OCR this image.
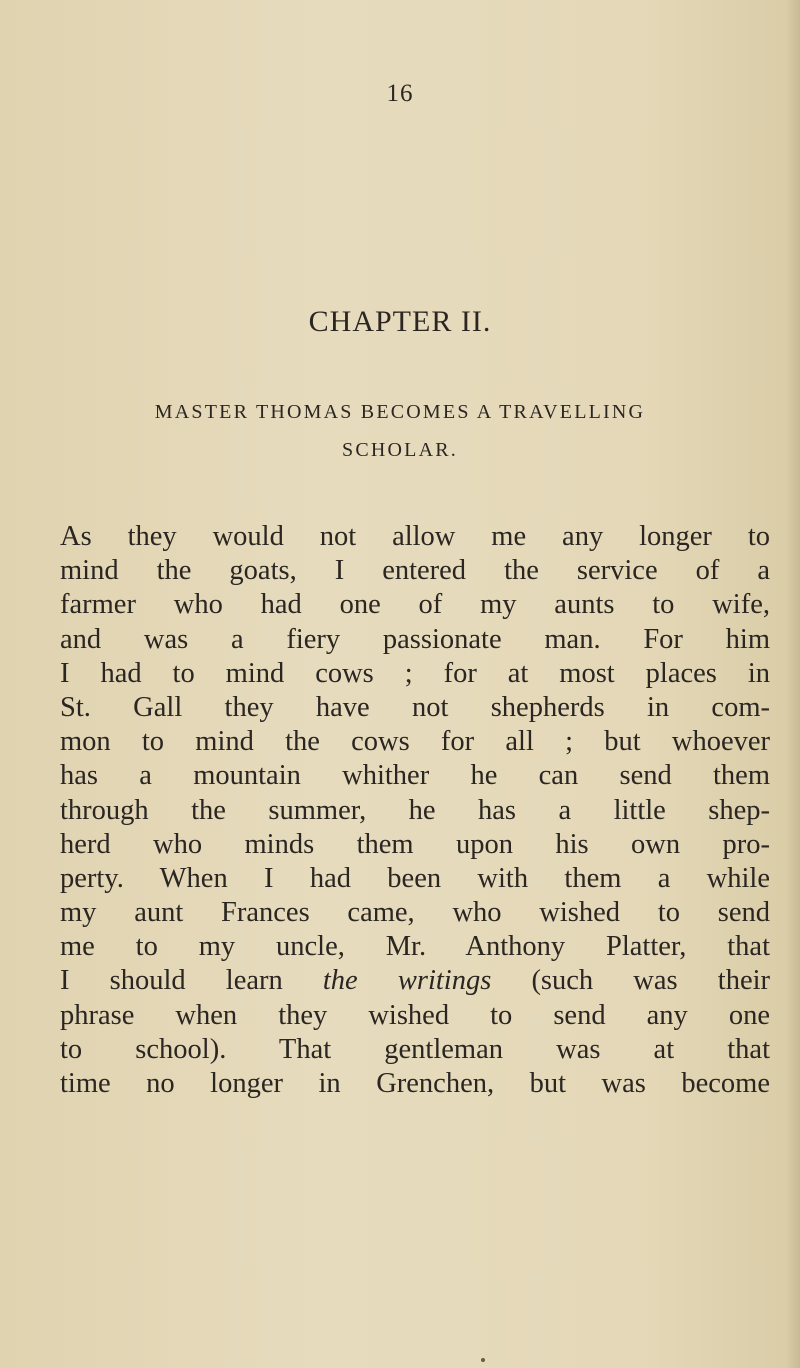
16
CHAPTER II.
MASTER THOMAS BECOMES A TRAVELLING
SCHOLAR.
As they would not allow me any longer to
mind the goats, I entered the service of a
farmer who had one of my aunts to wife,
and was a fiery passionate man. For him
I had to mind cows ; for at most places in
St. Gall they have not shepherds in com-
mon to mind the cows for all ; but whoever
has a mountain whither he can send them
through the summer, he has a little shep-
herd who minds them upon his own pro-
perty. When I had been with them a while
my aunt Frances came, who wished to send
me to my uncle, Mr. Anthony Platter, that
I should learn the writings (such was their
phrase when they wished to send any one
to school). That gentleman was at that
time no longer in Grenchen, but was become
